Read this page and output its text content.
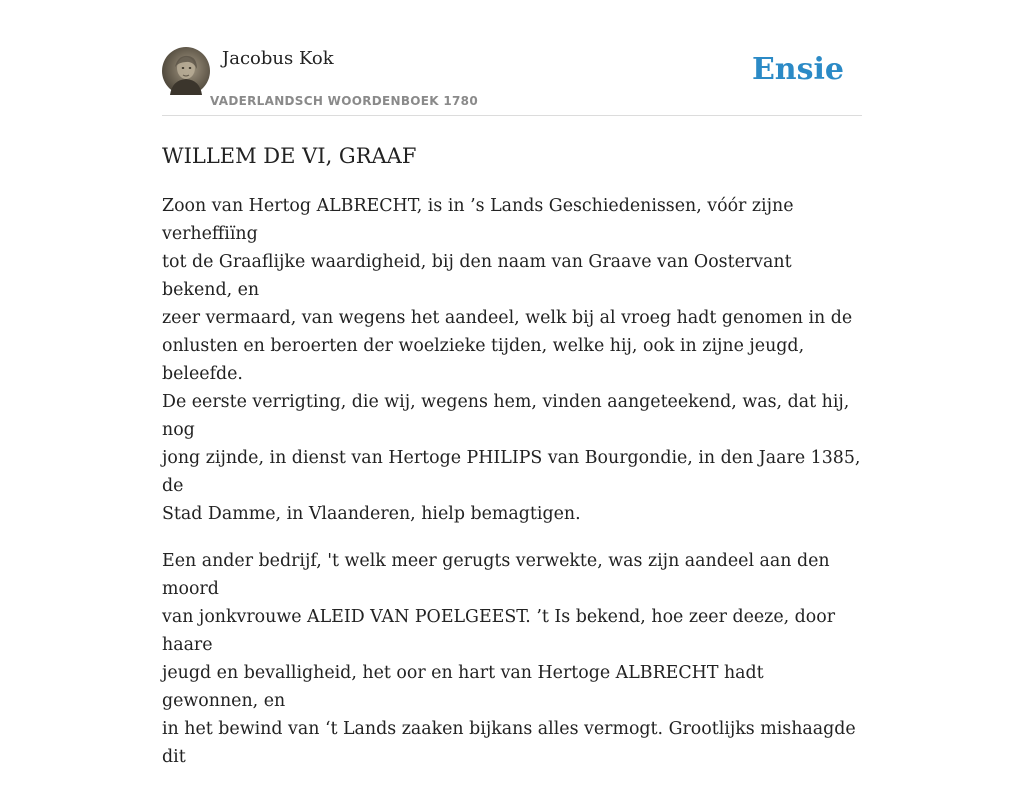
Jacobus Kok
VADERLANDSCH WOORDENBOEK 1780
Ensie
WILLEM DE VI, GRAAF

Zoon van Hertog ALBRECHT, is in ’s Lands Geschiedenissen, vóór zijne verheffiïng
tot de Graaflijke waardigheid, bij den naam van Graave van Oostervant bekend, en
zeer vermaard, van wegens het aandeel, welk bij al vroeg hadt genomen in de
onlusten en beroerten der woelzieke tijden, welke hij, ook in zijne jeugd, beleefde.
De eerste verrigting, die wij, wegens hem, vinden aangeteekend, was, dat hij, nog
jong zijnde, in dienst van Hertoge PHILIPS van Bourgondie, in den Jaare 1385, de
Stad Damme, in Vlaanderen, hielp bemagtigen.

Een ander bedrijf, 't welk meer gerugts verwekte, was zijn aandeel aan den moord
van jonkvrouwe ALEID VAN POELGEEST. ’t Is bekend, hoe zeer deeze, door haare
jeugd en bevalligheid, het oor en hart van Hertoge ALBRECHT hadt gewonnen, en
in het bewind van ‘t Lands zaaken bijkans alles vermogt. Grootlijks mishaagde dit
